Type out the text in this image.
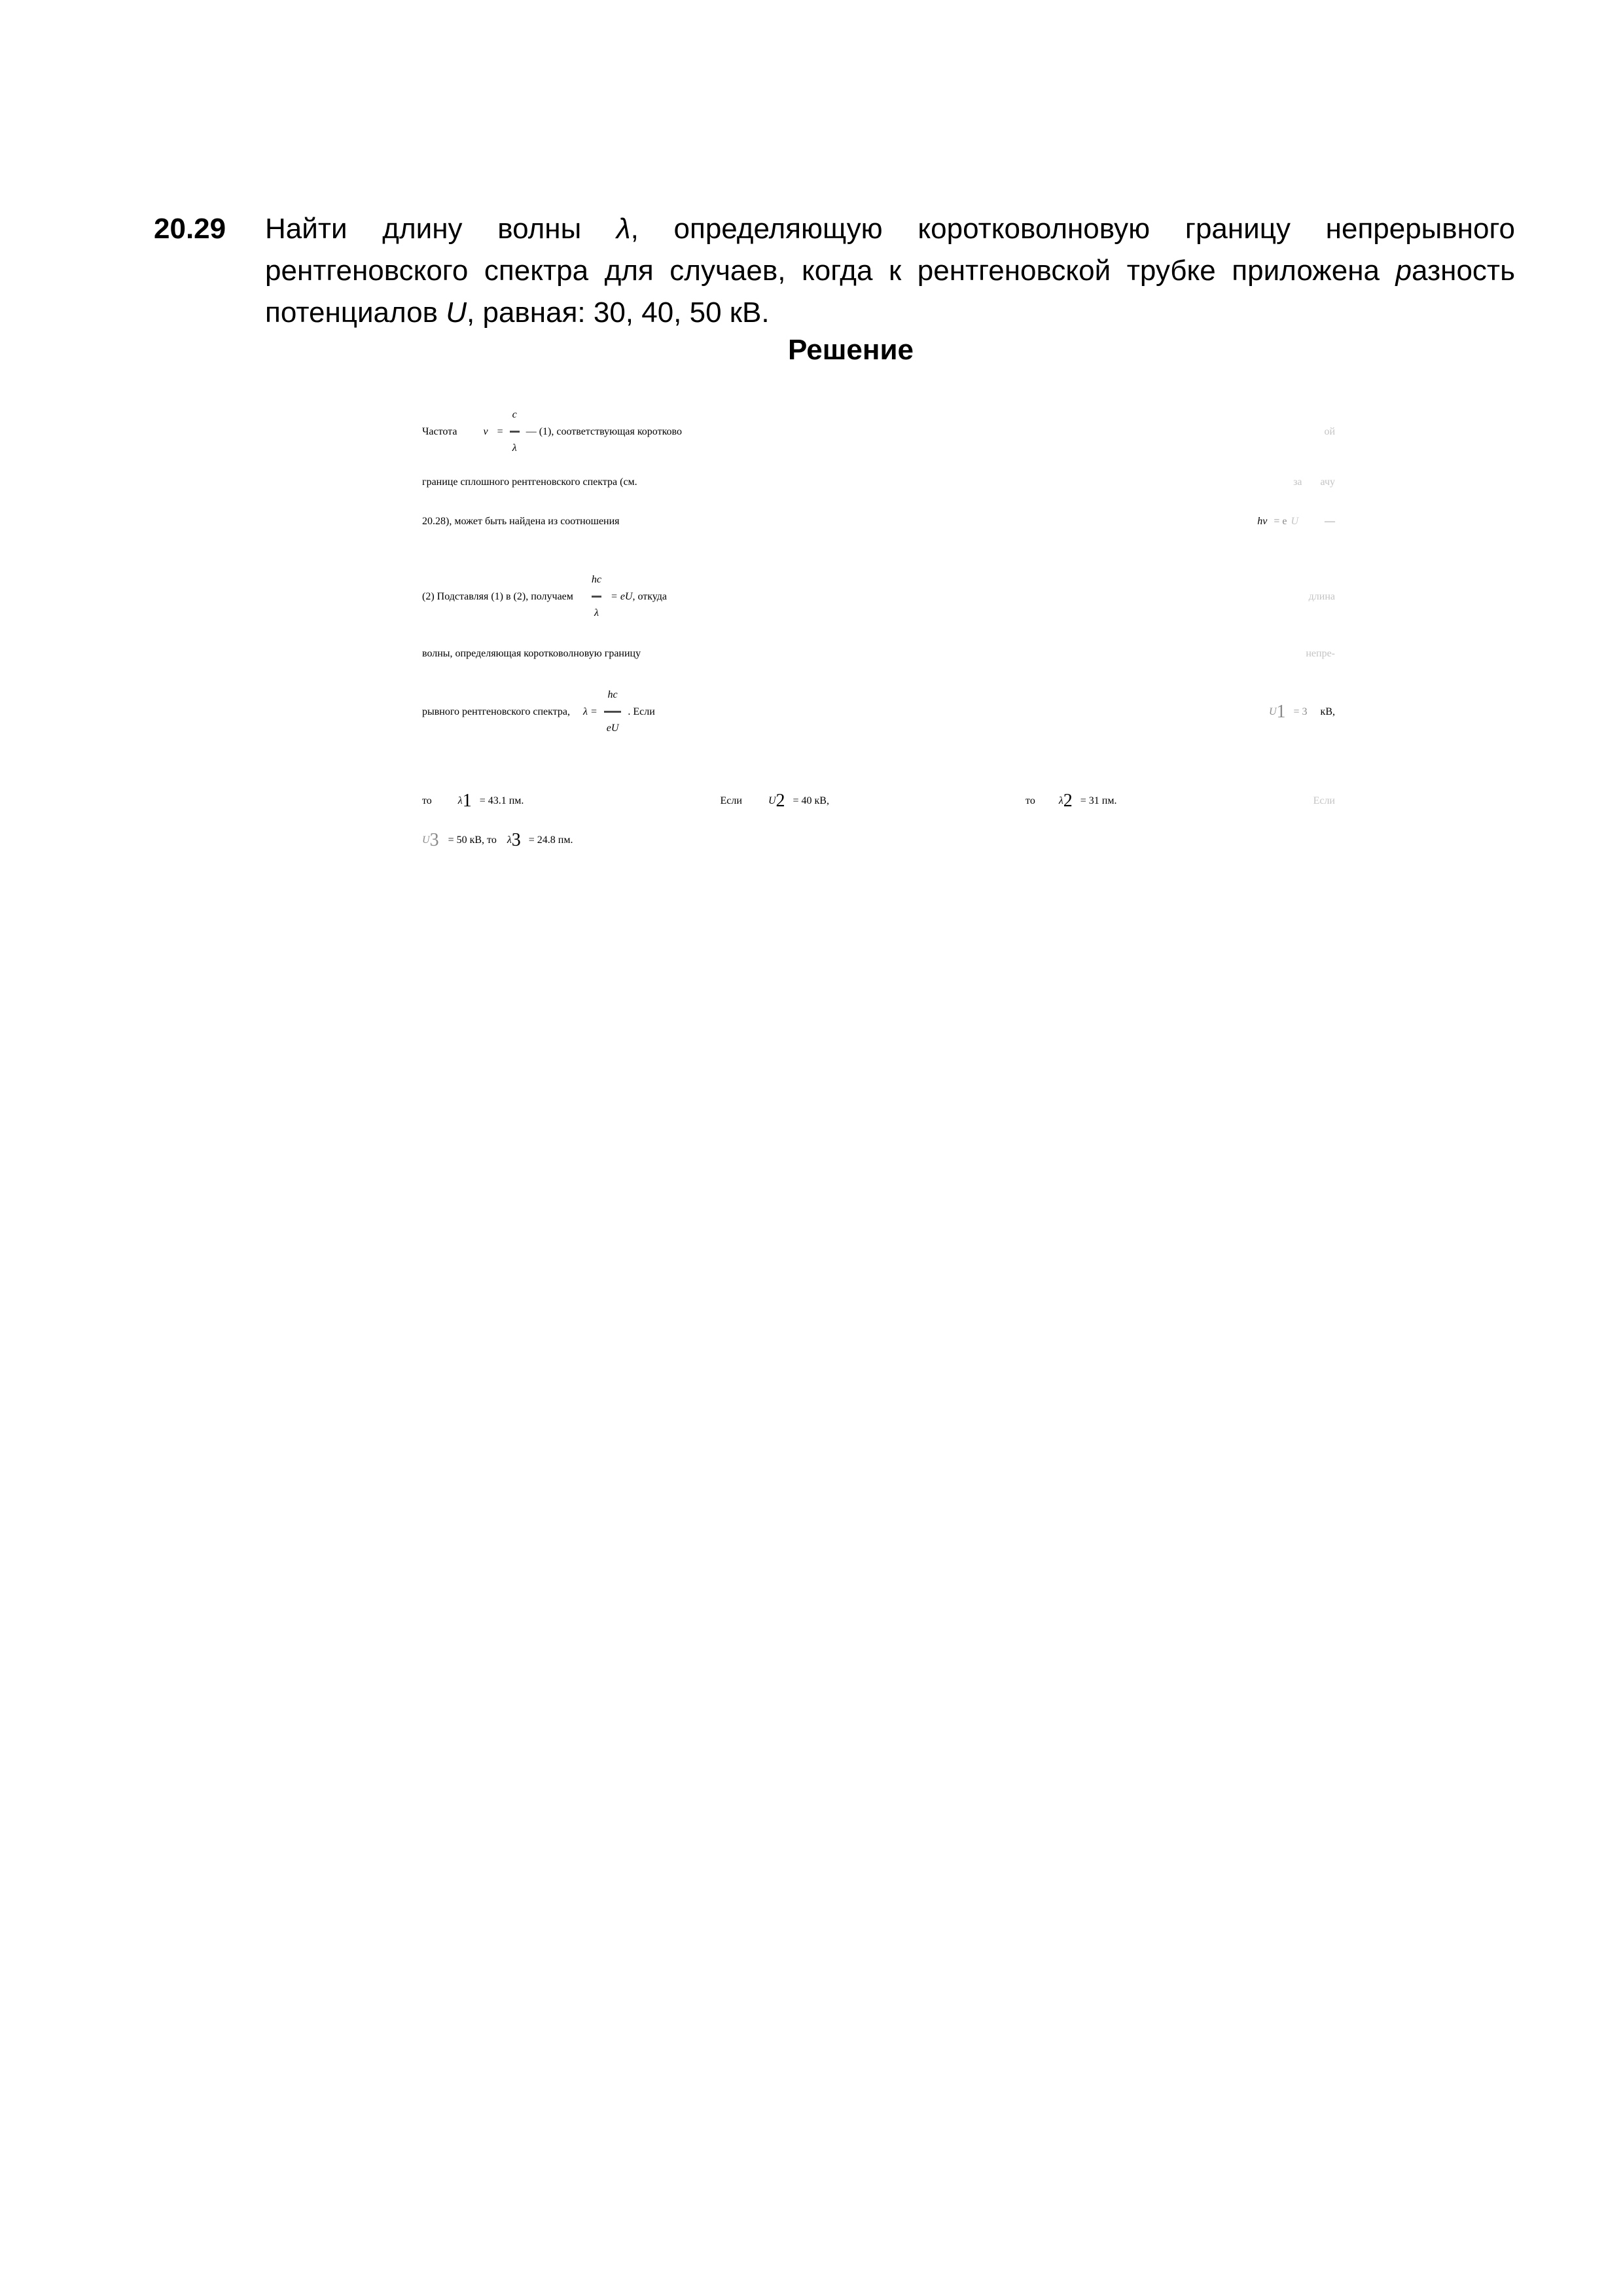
20.29 Найти длину волны λ, определяющую коротковолновую границу непрерывного рентгеновского спектра для случаев, когда к рентгеновской трубке приложена разность потенциалов U, равная: 30, 40, 50 кВ.
Решение
Частота	$\nu = \frac{c}{\lambda}$ — (1), соответствующая коротково	ой
границе сплошного рентгеновского спектра (см.	за ачу
20.28), может быть найдена из соотношения	hν = e U	—
(2) Подставляя (1) в (2), получаем $\frac{hc}{\lambda}$ = eU , откуда	длина
волны, определяющая коротковолновую границу	непре-
рывного рентгеновского спектра, $\lambda = \frac{hc}{eU}$ . Если	U 1 = 3 кВ,
то	λ 1 = 43.1 пм.	Если	U 2 = 40 кВ,	то λ 2 = 31 пм.	Если
U 3 = 50 кВ, то λ 3 = 24.8 пм.
